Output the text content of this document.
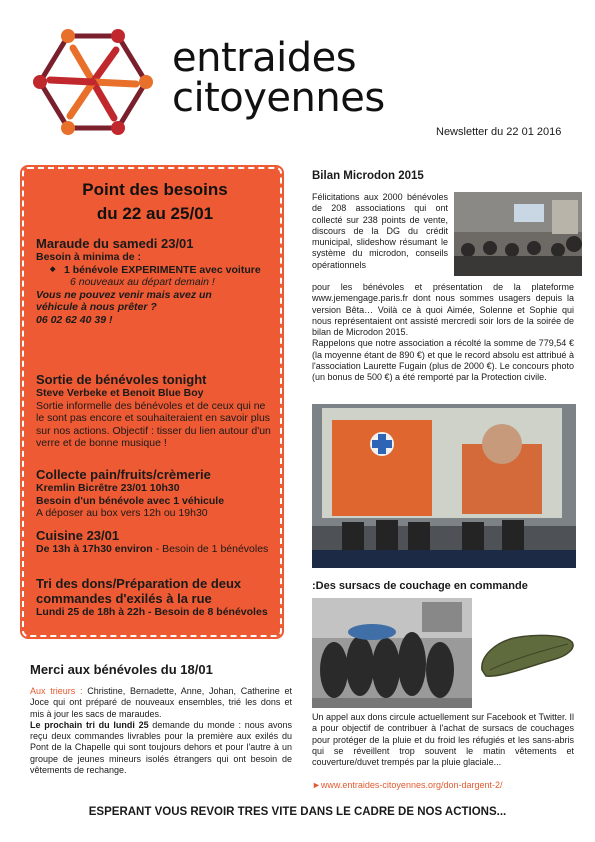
entraides
citoyennes
Newsletter du 22 01 2016
Point des besoins
du 22 au 25/01
Maraude du samedi 23/01
Besoin à minima de :
◆ 1 bénévole EXPERIMENTE avec voiture
6 nouveaux au départ demain !
Vous ne pouvez venir mais avez un
véhicule à nous prêter ?
06 02 62 40 39 !
Sortie de bénévoles tonight
Steve Verbeke et Benoit Blue Boy
Sortie informelle des bénévoles et de ceux qui ne le sont pas encore et souhaiteraient en savoir plus sur nos actions. Objectif : tisser du lien autour d'un verre et de bonne musique !
Collecte pain/fruits/crèmerie
Kremlin Bicrêtre 23/01 10h30
Besoin d'un bénévole avec 1 véhicule
A déposer au box vers 12h ou 19h30
Cuisine 23/01
De 13h à 17h30 environ - Besoin de 1 bénévoles
Tri des dons/Préparation de deux
commandes d'exilés à la rue
Lundi 25 de 18h à 22h - Besoin de 8 bénévoles
Merci aux bénévoles du 18/01
Aux trieurs : Christine, Bernadette, Anne, Johan, Catherine et Joce qui ont préparé de nouveaux ensembles, trié les dons et mis à jour les sacs de maraudes.
Le prochain tri du lundi 25 demande du monde : nous avons reçu deux commandes livrables pour la première aux exilés du Pont de la Chapelle qui sont toujours dehors et pour l'autre à un groupe de jeunes mineurs isolés étrangers qui ont besoin de vêtements de rechange.
Bilan Microdon 2015
Félicitations aux 2000 bénévoles de 208 associations qui ont collecté sur 238 points de vente, discours de la DG du crédit municipal, slideshow résumant le système du microdon, conseils opérationnels
pour les bénévoles et présentation de la plateforme www.jemengage.paris.fr dont nous sommes usagers depuis la version Bêta… Voilà ce à quoi Aimée, Solenne et Sophie qui nous représentaient ont assisté mercredi soir lors de la soirée de bilan de Microdon 2015.
Rappelons que notre association a récolté la somme de 779,54 € (la moyenne étant de 890 €) et que le record absolu est attribué à l'association Laurette Fugain (plus de 2000 €). Le concours photo (un bonus de 500 €) a été remporté par la Protection civile.
:Des sursacs de couchage en commande
Un appel aux dons circule actuellement sur Facebook et Twitter. Il a pour objectif de contribuer à l'achat de sursacs de couchages pour protéger de la pluie et du froid les réfugiés et les sans-abris qui se réveillent trop souvent le matin vêtements et couverture/duvet trempés par la pluie glaciale...
►www.entraides-citoyennes.org/don-dargent-2/
ESPERANT VOUS REVOIR TRES VITE DANS LE CADRE DE NOS ACTIONS...
